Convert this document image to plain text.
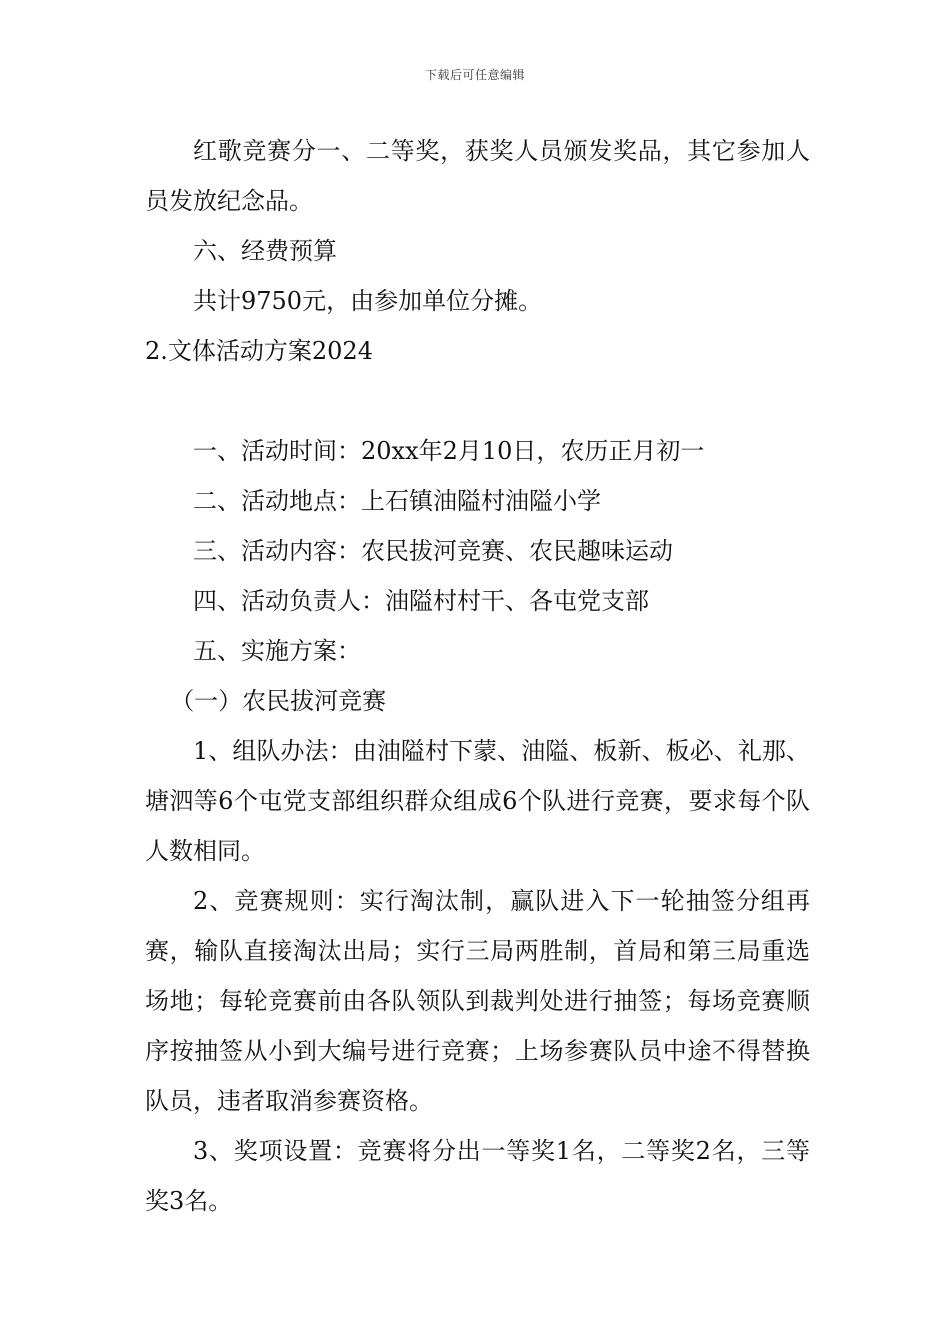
下载后可任意编辑

红歌竞赛分一、二等奖，获奖人员颁发奖品，其它参加人员发放纪念品。

六、经费预算

共计9750元，由参加单位分摊。

2.文体活动方案2024

一、活动时间：20xx年2月10日，农历正月初一

二、活动地点：上石镇油隘村油隘小学

三、活动内容：农民拔河竞赛、农民趣味运动

四、活动负责人：油隘村村干、各屯党支部

五、实施方案：

（一）农民拔河竞赛

1、组队办法：由油隘村下蒙、油隘、板新、板必、礼那、塘泗等6个屯党支部组织群众组成6个队进行竞赛，要求每个队人数相同。

2、竞赛规则：实行淘汰制，赢队进入下一轮抽签分组再赛，输队直接淘汰出局；实行三局两胜制，首局和第三局重选场地；每轮竞赛前由各队领队到裁判处进行抽签；每场竞赛顺序按抽签从小到大编号进行竞赛；上场参赛队员中途不得替换队员，违者取消参赛资格。

3、奖项设置：竞赛将分出一等奖1名，二等奖2名，三等奖3名。
